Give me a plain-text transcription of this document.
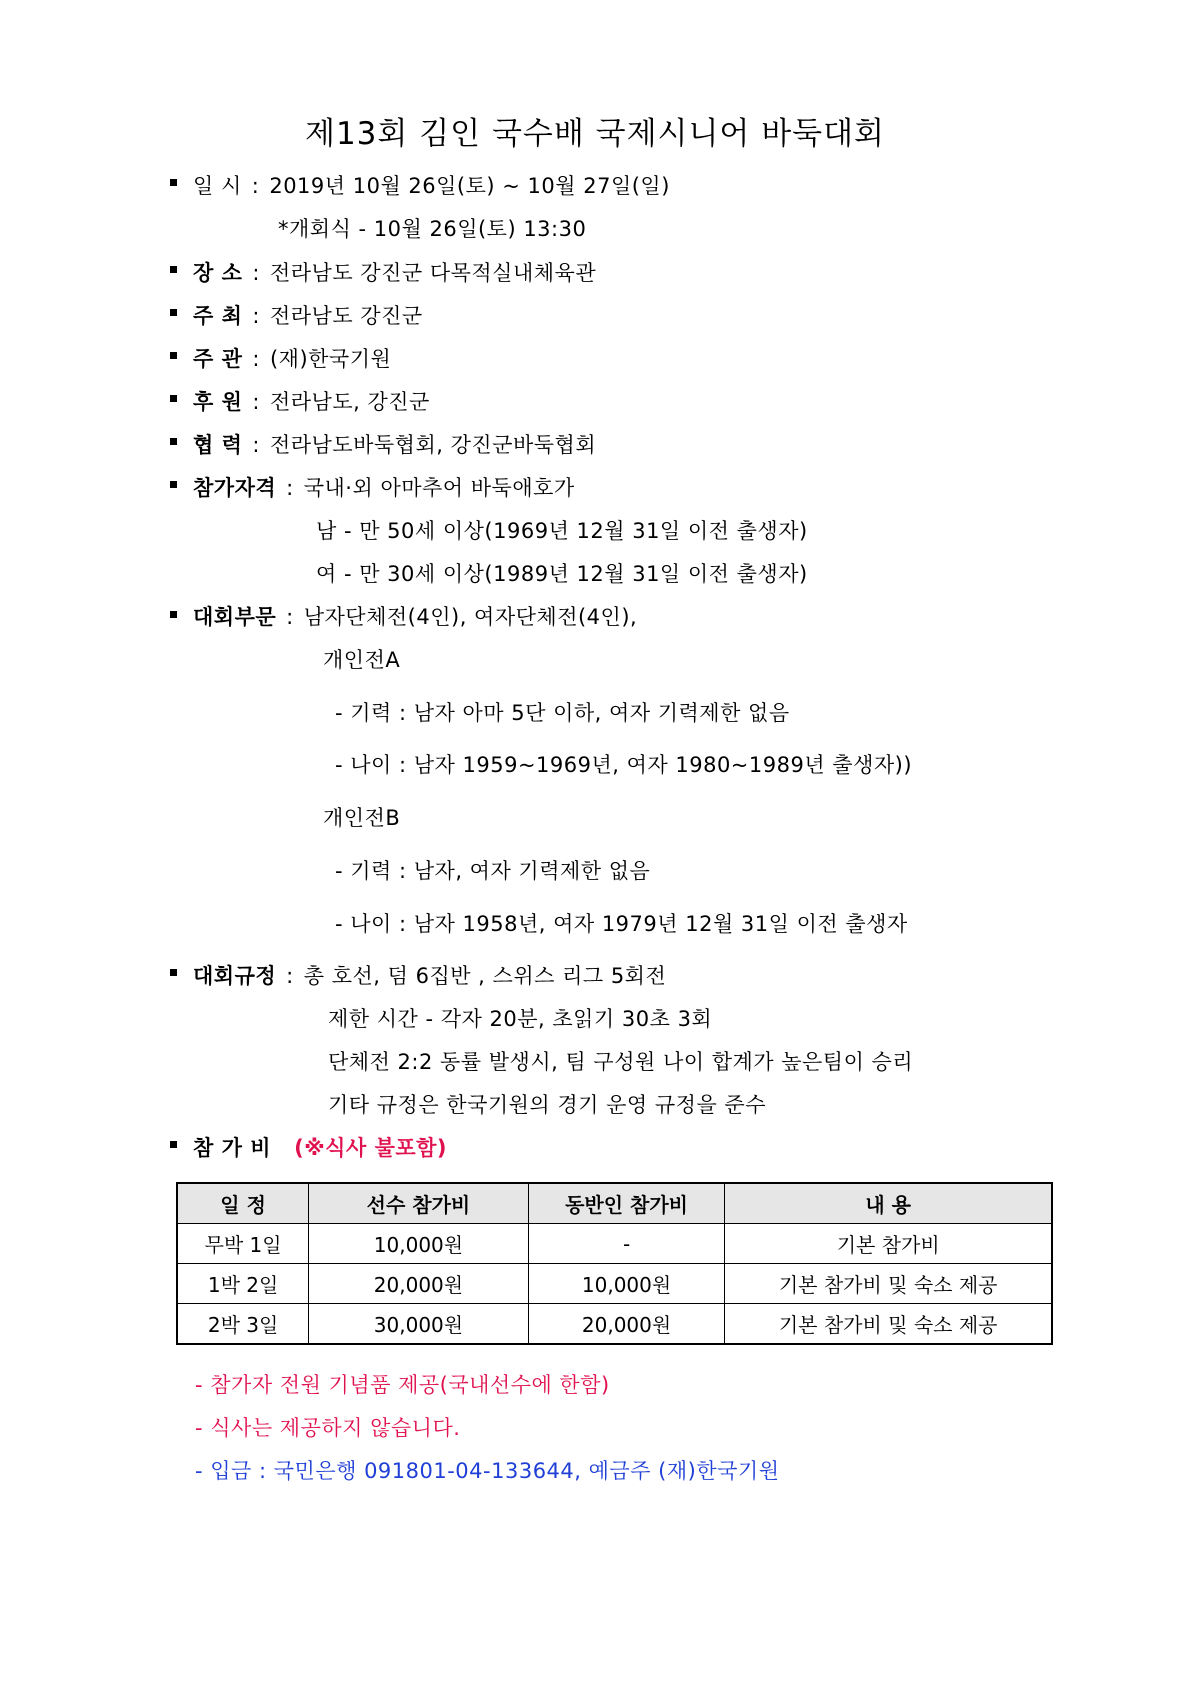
제13회 김인 국수배 국제시니어 바둑대회
일 시 : 2019년 10월 26일(토) ~ 10월 27일(일)
*개회식 - 10월 26일(토) 13:30
장 소 : 전라남도 강진군 다목적실내체육관
주 최 : 전라남도 강진군
주 관 : (재)한국기원
후 원 : 전라남도, 강진군
협 력 : 전라남도바둑협회, 강진군바둑협회
참가자격 : 국내·외 아마추어 바둑애호가
남 - 만 50세 이상(1969년 12월 31일 이전 출생자)
여 - 만 30세 이상(1989년 12월 31일 이전 출생자)
대회부문 : 남자단체전(4인), 여자단체전(4인),
개인전A
- 기력 : 남자 아마 5단 이하, 여자 기력제한 없음
- 나이 : 남자 1959~1969년, 여자 1980~1989년 출생자))
개인전B
- 기력 : 남자, 여자 기력제한 없음
- 나이 : 남자 1958년, 여자 1979년 12월 31일 이전 출생자
대회규정 : 총 호선, 덤 6집반 , 스위스 리그 5회전
제한 시간 - 각자 20분, 초읽기 30초 3회
단체전 2:2 동률 발생시, 팀 구성원 나이 합계가 높은팀이 승리
기타 규정은 한국기원의 경기 운영 규정을 준수
참 가 비 (※식사 불포함)
일 정	선수 참가비	동반인 참가비	내 용
무박 1일	10,000원	-	기본 참가비
1박 2일	20,000원	10,000원	기본 참가비 및 숙소 제공
2박 3일	30,000원	20,000원	기본 참가비 및 숙소 제공
- 참가자 전원 기념품 제공(국내선수에 한함)
- 식사는 제공하지 않습니다.
- 입금 : 국민은행 091801-04-133644, 예금주 (재)한국기원
